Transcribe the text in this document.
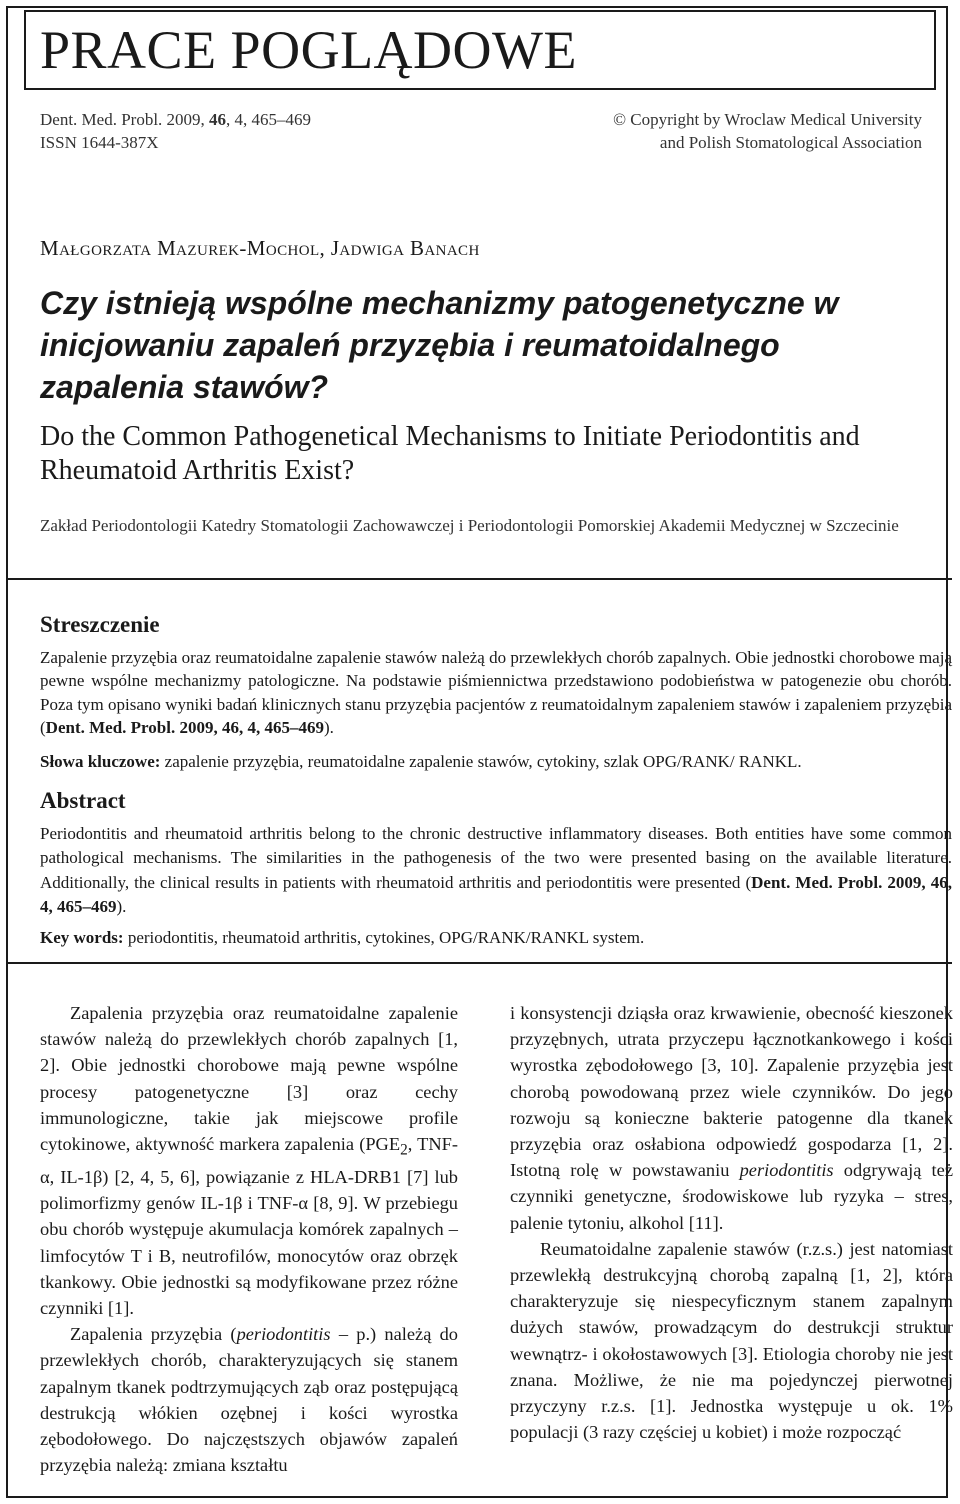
PRACE POGLĄDOWE
Dent. Med. Probl. 2009, 46, 4, 465–469
ISSN 1644-387X
© Copyright by Wroclaw Medical University
and Polish Stomatological Association
Małgorzata Mazurek-Mochol, Jadwiga Banach
Czy istnieją wspólne mechanizmy patogenetyczne w inicjowaniu zapaleń przyzębia i reumatoidalnego zapalenia stawów?
Do the Common Pathogenetical Mechanisms to Initiate Periodontitis and Rheumatoid Arthritis Exist?
Zakład Periodontologii Katedry Stomatologii Zachowawczej i Periodontologii Pomorskiej Akademii Medycznej w Szczecinie
Streszczenie
Zapalenie przyzębia oraz reumatoidalne zapalenie stawów należą do przewlekłych chorób zapalnych. Obie jednostki chorobowe mają pewne wspólne mechanizmy patologiczne. Na podstawie piśmiennictwa przedstawiono podobieństwa w patogenezie obu chorób. Poza tym opisano wyniki badań klinicznych stanu przyzębia pacjentów z reumatoidalnym zapaleniem stawów i zapaleniem przyzębia (Dent. Med. Probl. 2009, 46, 4, 465–469).
Słowa kluczowe: zapalenie przyzębia, reumatoidalne zapalenie stawów, cytokiny, szlak OPG/RANK/ RANKL.
Abstract
Periodontitis and rheumatoid arthritis belong to the chronic destructive inflammatory diseases. Both entities have some common pathological mechanisms. The similarities in the pathogenesis of the two were presented basing on the available literature. Additionally, the clinical results in patients with rheumatoid arthritis and periodontitis were presented (Dent. Med. Probl. 2009, 46, 4, 465–469).
Key words: periodontitis, rheumatoid arthritis, cytokines, OPG/RANK/RANKL system.

Zapalenia przyzębia oraz reumatoidalne zapalenie stawów należą do przewlekłych chorób zapalnych [1, 2]. Obie jednostki chorobowe mają pewne wspólne procesy patogenetyczne [3] oraz cechy immunologiczne, takie jak miejscowe profile cytokinowe, aktywność markera zapalenia ($PGE_2$, TNF-α, IL-1β) [2, 4, 5, 6], powiązanie z HLA-DRB1 [7] lub polimorfizmy genów IL-1β i TNF-α [8, 9]. W przebiegu obu chorób występuje akumulacja komórek zapalnych – limfocytów T i B, neutrofilów, monocytów oraz obrzęk tkankowy. Obie jednostki są modyfikowane przez różne czynniki [1].

Zapalenia przyzębia (periodontitis – p.) należą do przewlekłych chorób, charakteryzujących się stanem zapalnym tkanek podtrzymujących ząb oraz postępującą destrukcją włókien ozębnej i kości wyrostka zębodołowego. Do najczęstszych objawów zapaleń przyzębia należą: zmiana kształtu

i konsystencji dziąsła oraz krwawienie, obecność kieszonek przyzębnych, utrata przyczepu łącznotkankowego i kości wyrostka zębodołowego [3, 10]. Zapalenie przyzębia jest chorobą powodowaną przez wiele czynników. Do jego rozwoju są konieczne bakterie patogenne dla tkanek przyzębia oraz osłabiona odpowiedź gospodarza [1, 2]. Istotną rolę w powstawaniu periodontitis odgrywają też czynniki genetyczne, środowiskowe lub ryzyka – stres, palenie tytoniu, alkohol [11].

Reumatoidalne zapalenie stawów (r.z.s.) jest natomiast przewlekłą destrukcyjną chorobą zapalną [1, 2], która charakteryzuje się niespecyficznym stanem zapalnym dużych stawów, prowadzącym do destrukcji struktur wewnątrz- i okołostawowych [3]. Etiologia choroby nie jest znana. Możliwe, że nie ma pojedynczej pierwotnej przyczyny r.z.s. [1]. Jednostka występuje u ok. 1% populacji (3 razy częściej u kobiet) i może rozpocząć
